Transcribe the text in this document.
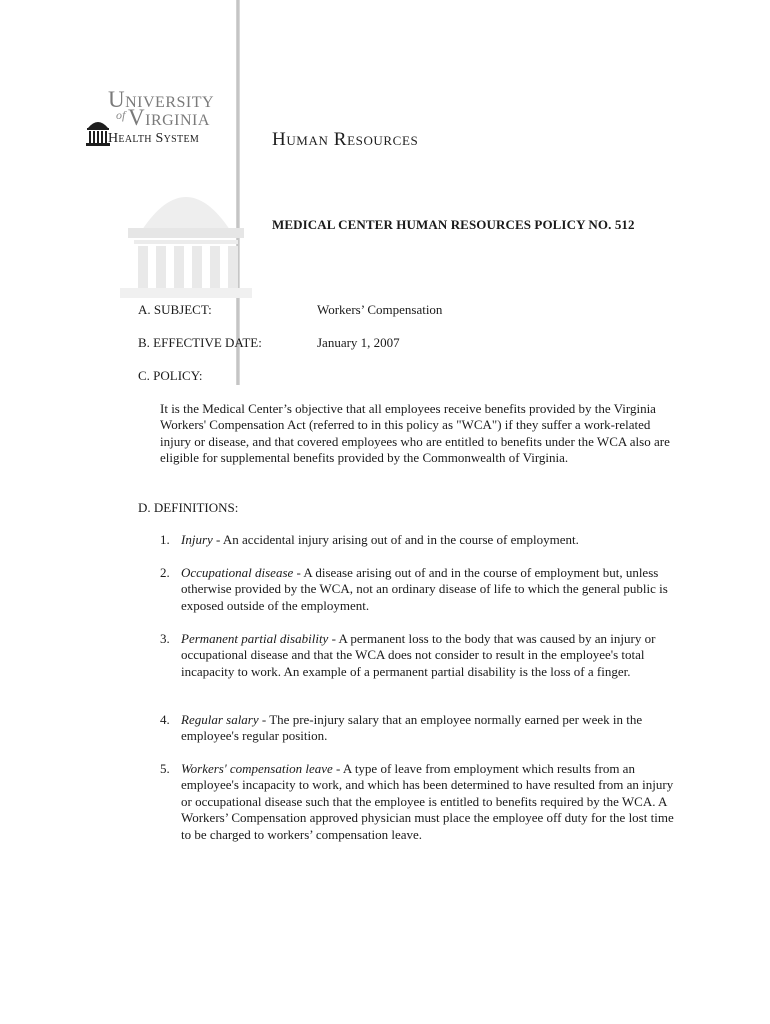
University
of Virginia
Health System	Human Resources
MEDICAL CENTER HUMAN RESOURCES POLICY NO. 512
A. SUBJECT:	Workers’ Compensation
B. EFFECTIVE DATE:	January 1, 2007
C. POLICY:
It is the Medical Center’s objective that all employees receive benefits provided by the Virginia Workers' Compensation Act (referred to in this policy as "WCA") if they suffer a work-related injury or disease, and that covered employees who are entitled to benefits under the WCA also are eligible for supplemental benefits provided by the Commonwealth of Virginia.
D. DEFINITIONS:
1. Injury - An accidental injury arising out of and in the course of employment.
2. Occupational disease - A disease arising out of and in the course of employment but, unless otherwise provided by the WCA, not an ordinary disease of life to which the general public is exposed outside of the employment.
3. Permanent partial disability - A permanent loss to the body that was caused by an injury or occupational disease and that the WCA does not consider to result in the employee's total incapacity to work. An example of a permanent partial disability is the loss of a finger.
4. Regular salary - The pre-injury salary that an employee normally earned per week in the employee's regular position.
5. Workers' compensation leave - A type of leave from employment which results from an employee's incapacity to work, and which has been determined to have resulted from an injury or occupational disease such that the employee is entitled to benefits required by the WCA. A Workers’ Compensation approved physician must place the employee off duty for the lost time to be charged to workers’ compensation leave.
